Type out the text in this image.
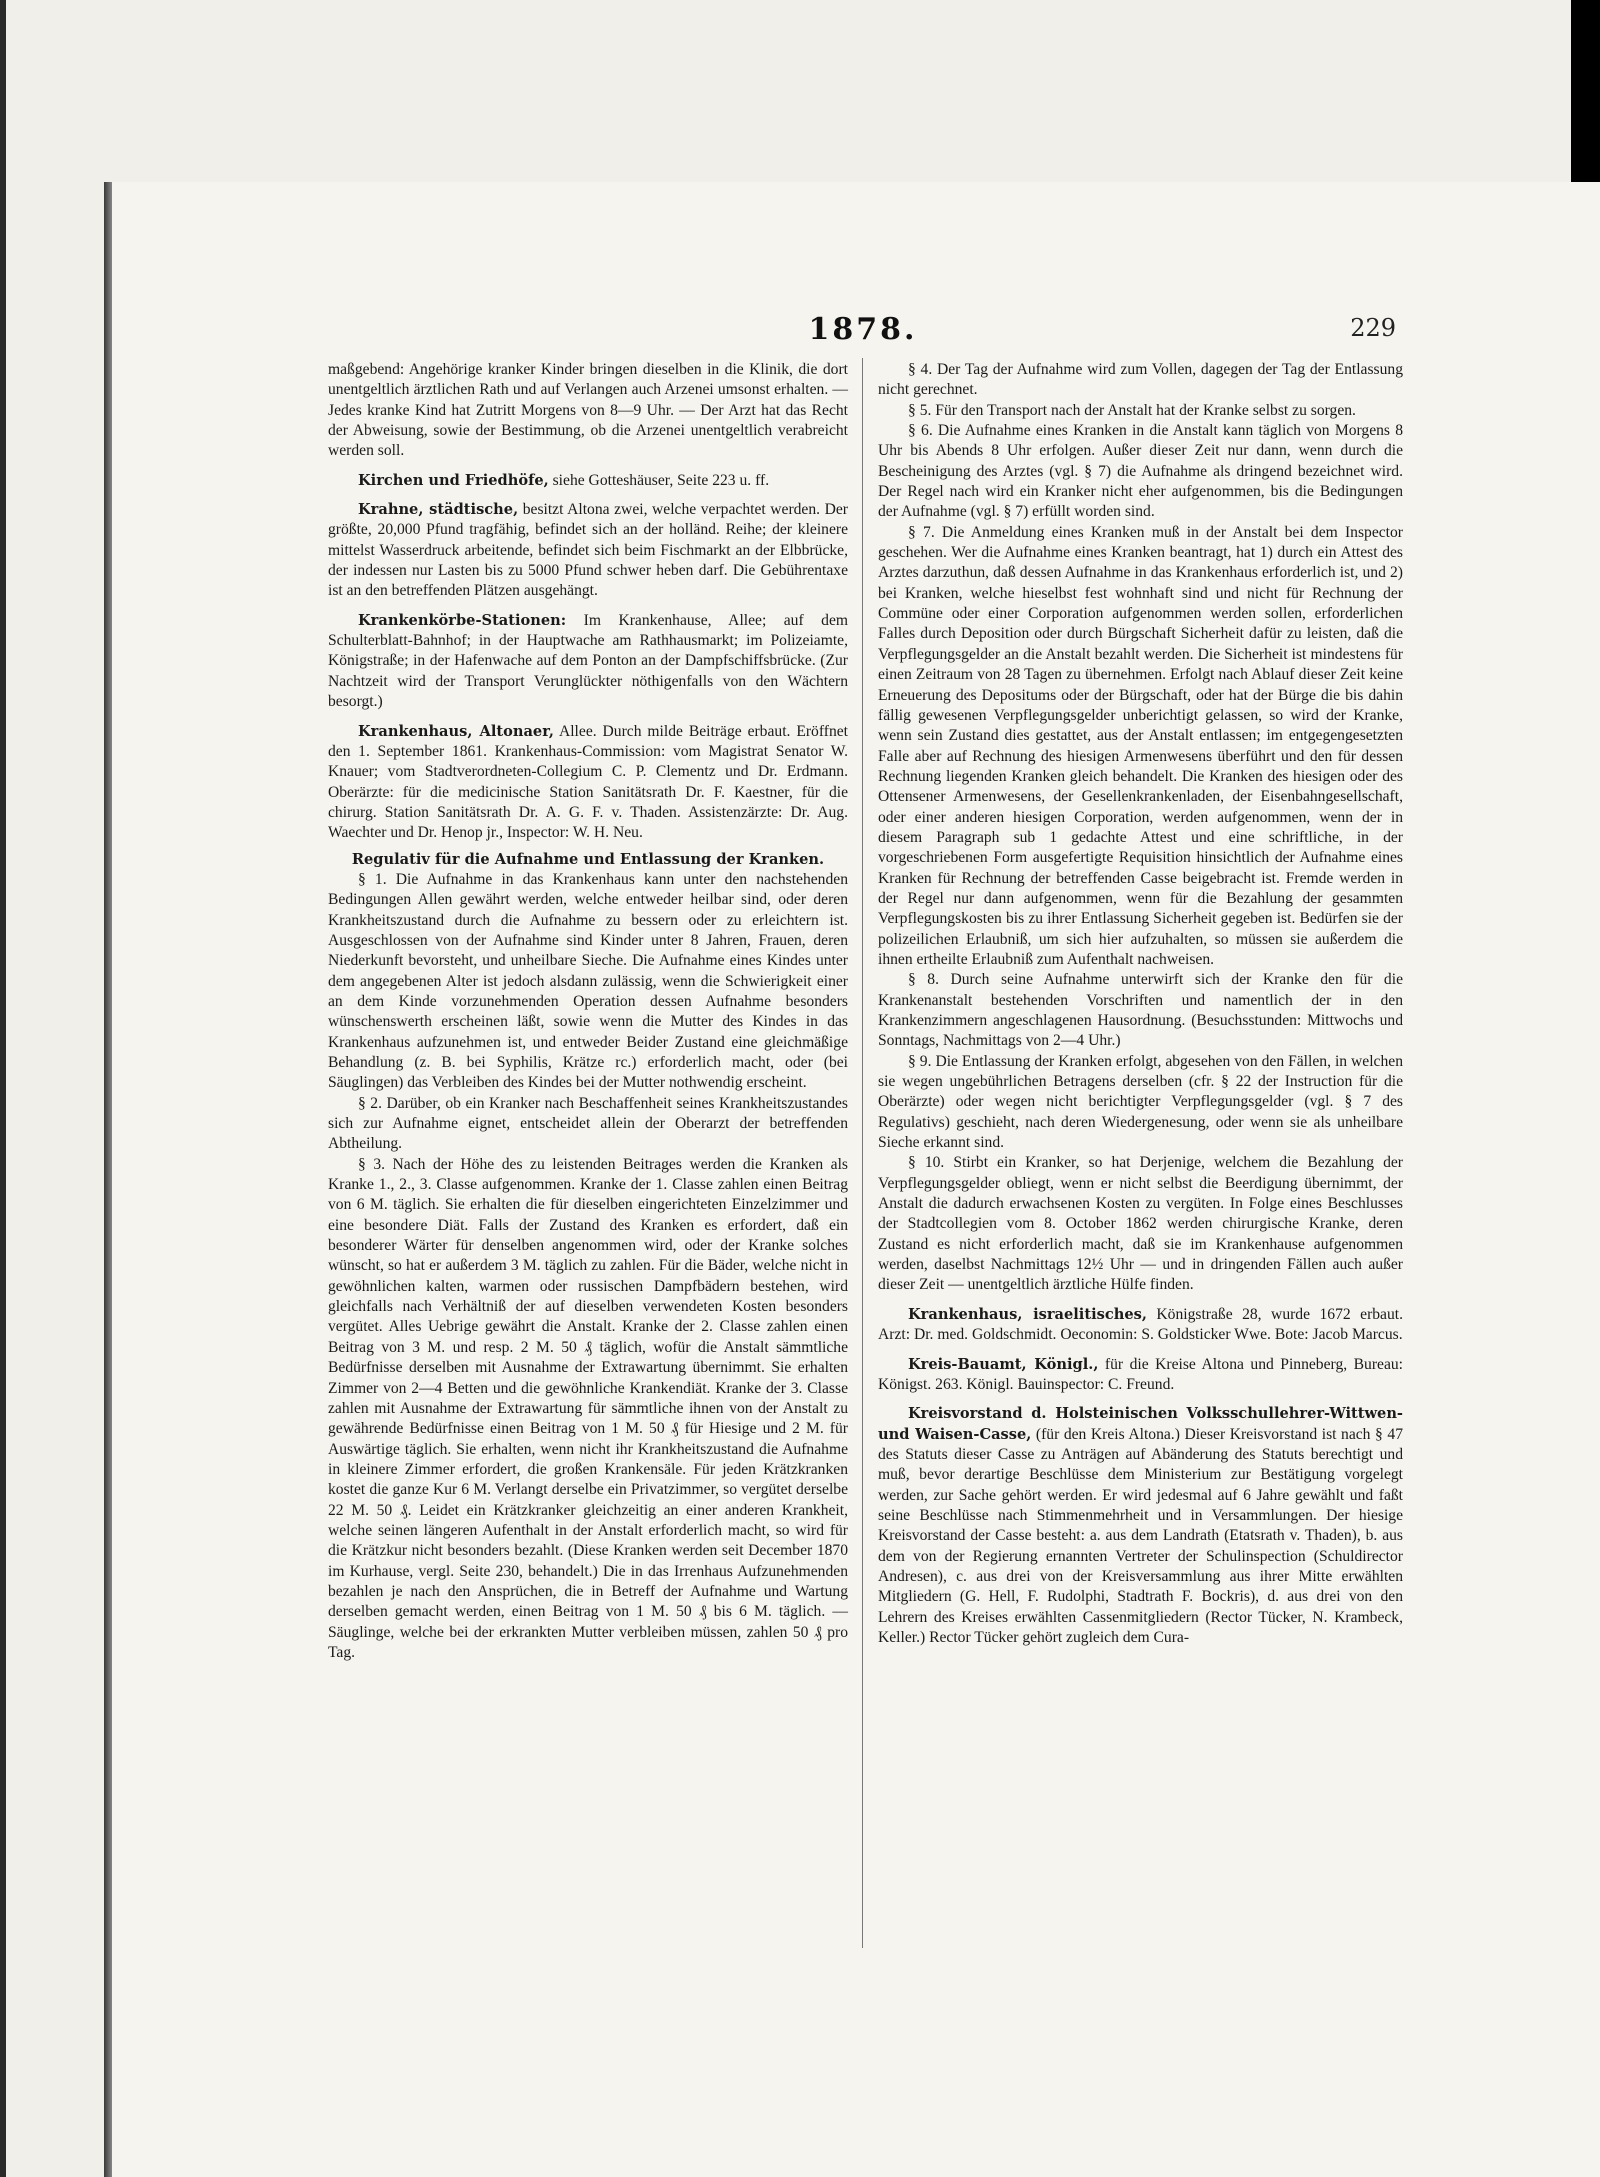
1878.	229

maßgebend: Angehörige kranker Kinder bringen dieselben in die Klinik, die dort unentgeltlich ärztlichen Rath und auf Verlangen auch Arzenei umsonst erhalten. — Jedes kranke Kind hat Zutritt Morgens von 8—9 Uhr. — Der Arzt hat das Recht der Abweisung, sowie der Bestimmung, ob die Arzenei unentgeltlich verabreicht werden soll.

Kirchen und Friedhöfe, siehe Gotteshäuser, Seite 223 u. ff.

Krahne, städtische, besitzt Altona zwei, welche verpachtet werden. Der größte, 20,000 Pfund tragfähig, befindet sich an der holländ. Reihe; der kleinere mittelst Wasserdruck arbeitende, befindet sich beim Fischmarkt an der Elbbrücke, der indessen nur Lasten bis zu 5000 Pfund schwer heben darf. Die Gebührentaxe ist an den betreffenden Plätzen ausgehängt.

Krankenkörbe-Stationen: Im Krankenhause, Allee; auf dem Schulterblatt-Bahnhof; in der Hauptwache am Rathhausmarkt; im Polizeiamte, Königstraße; in der Hafenwache auf dem Ponton an der Dampfschiffsbrücke. (Zur Nachtzeit wird der Transport Verunglückter nöthigenfalls von den Wächtern besorgt.)

Krankenhaus, Altonaer, Allee. Durch milde Beiträge erbaut. Eröffnet den 1. September 1861. Krankenhaus-Commission: vom Magistrat Senator W. Knauer; vom Stadtverordneten-Collegium C. P. Clementz und Dr. Erdmann. Oberärzte: für die medicinische Station Sanitätsrath Dr. F. Kaestner, für die chirurg. Station Sanitätsrath Dr. A. G. F. v. Thaden. Assistenzärzte: Dr. Aug. Waechter und Dr. Henop jr., Inspector: W. H. Neu.

Regulativ für die Aufnahme und Entlassung der Kranken.

§ 1. Die Aufnahme in das Krankenhaus kann unter den nachstehenden Bedingungen Allen gewährt werden, welche entweder heilbar sind, oder deren Krankheitszustand durch die Aufnahme zu bessern oder zu erleichtern ist. Ausgeschlossen von der Aufnahme sind Kinder unter 8 Jahren, Frauen, deren Niederkunft bevorsteht, und unheilbare Sieche. Die Aufnahme eines Kindes unter dem angegebenen Alter ist jedoch alsdann zulässig, wenn die Schwierigkeit einer an dem Kinde vorzunehmenden Operation dessen Aufnahme besonders wünschenswerth erscheinen läßt, sowie wenn die Mutter des Kindes in das Krankenhaus aufzunehmen ist, und entweder Beider Zustand eine gleichmäßige Behandlung (z. B. bei Syphilis, Krätze rc.) erforderlich macht, oder (bei Säuglingen) das Verbleiben des Kindes bei der Mutter nothwendig erscheint.

§ 2. Darüber, ob ein Kranker nach Beschaffenheit seines Krankheitszustandes sich zur Aufnahme eignet, entscheidet allein der Oberarzt der betreffenden Abtheilung.

§ 3. Nach der Höhe des zu leistenden Beitrages werden die Kranken als Kranke 1., 2., 3. Classe aufgenommen. Kranke der 1. Classe zahlen einen Beitrag von 6 M. täglich. Sie erhalten die für dieselben eingerichteten Einzelzimmer und eine besondere Diät. Falls der Zustand des Kranken es erfordert, daß ein besonderer Wärter für denselben angenommen wird, oder der Kranke solches wünscht, so hat er außerdem 3 M. täglich zu zahlen. Für die Bäder, welche nicht in gewöhnlichen kalten, warmen oder russischen Dampfbädern bestehen, wird gleichfalls nach Verhältniß der auf dieselben verwendeten Kosten besonders vergütet. Alles Uebrige gewährt die Anstalt. Kranke der 2. Classe zahlen einen Beitrag von 3 M. und resp. 2 M. 50 ₰ täglich, wofür die Anstalt sämmtliche Bedürfnisse derselben mit Ausnahme der Extrawartung übernimmt. Sie erhalten Zimmer von 2—4 Betten und die gewöhnliche Krankendiät. Kranke der 3. Classe zahlen mit Ausnahme der Extrawartung für sämmtliche ihnen von der Anstalt zu gewährende Bedürfnisse einen Beitrag von 1 M. 50 ₰ für Hiesige und 2 M. für Auswärtige täglich. Sie erhalten, wenn nicht ihr Krankheitszustand die Aufnahme in kleinere Zimmer erfordert, die großen Krankensäle. Für jeden Krätzkranken kostet die ganze Kur 6 M. Verlangt derselbe ein Privatzimmer, so vergütet derselbe 22 M. 50 ₰. Leidet ein Krätzkranker gleichzeitig an einer anderen Krankheit, welche seinen längeren Aufenthalt in der Anstalt erforderlich macht, so wird für die Krätzkur nicht besonders bezahlt. (Diese Kranken werden seit December 1870 im Kurhause, vergl. Seite 230, behandelt.) Die in das Irrenhaus Aufzunehmenden bezahlen je nach den Ansprüchen, die in Betreff der Aufnahme und Wartung derselben gemacht werden, einen Beitrag von 1 M. 50 ₰ bis 6 M. täglich. — Säuglinge, welche bei der erkrankten Mutter verbleiben müssen, zahlen 50 ₰ pro Tag.

§ 4. Der Tag der Aufnahme wird zum Vollen, dagegen der Tag der Entlassung nicht gerechnet.

§ 5. Für den Transport nach der Anstalt hat der Kranke selbst zu sorgen.

§ 6. Die Aufnahme eines Kranken in die Anstalt kann täglich von Morgens 8 Uhr bis Abends 8 Uhr erfolgen. Außer dieser Zeit nur dann, wenn durch die Bescheinigung des Arztes (vgl. § 7) die Aufnahme als dringend bezeichnet wird. Der Regel nach wird ein Kranker nicht eher aufgenommen, bis die Bedingungen der Aufnahme (vgl. § 7) erfüllt worden sind.

§ 7. Die Anmeldung eines Kranken muß in der Anstalt bei dem Inspector geschehen. Wer die Aufnahme eines Kranken beantragt, hat 1) durch ein Attest des Arztes darzuthun, daß dessen Aufnahme in das Krankenhaus erforderlich ist, und 2) bei Kranken, welche hieselbst fest wohnhaft sind und nicht für Rechnung der Commüne oder einer Corporation aufgenommen werden sollen, erforderlichen Falles durch Deposition oder durch Bürgschaft Sicherheit dafür zu leisten, daß die Verpflegungsgelder an die Anstalt bezahlt werden. Die Sicherheit ist mindestens für einen Zeitraum von 28 Tagen zu übernehmen. Erfolgt nach Ablauf dieser Zeit keine Erneuerung des Depositums oder der Bürgschaft, oder hat der Bürge die bis dahin fällig gewesenen Verpflegungsgelder unberichtigt gelassen, so wird der Kranke, wenn sein Zustand dies gestattet, aus der Anstalt entlassen; im entgegengesetzten Falle aber auf Rechnung des hiesigen Armenwesens überführt und den für dessen Rechnung liegenden Kranken gleich behandelt. Die Kranken des hiesigen oder des Ottensener Armenwesens, der Gesellenkrankenladen, der Eisenbahngesellschaft, oder einer anderen hiesigen Corporation, werden aufgenommen, wenn der in diesem Paragraph sub 1 gedachte Attest und eine schriftliche, in der vorgeschriebenen Form ausgefertigte Requisition hinsichtlich der Aufnahme eines Kranken für Rechnung der betreffenden Casse beigebracht ist. Fremde werden in der Regel nur dann aufgenommen, wenn für die Bezahlung der gesammten Verpflegungskosten bis zu ihrer Entlassung Sicherheit gegeben ist. Bedürfen sie der polizeilichen Erlaubniß, um sich hier aufzuhalten, so müssen sie außerdem die ihnen ertheilte Erlaubniß zum Aufenthalt nachweisen.

§ 8. Durch seine Aufnahme unterwirft sich der Kranke den für die Krankenanstalt bestehenden Vorschriften und namentlich der in den Krankenzimmern angeschlagenen Hausordnung. (Besuchsstunden: Mittwochs und Sonntags, Nachmittags von 2—4 Uhr.)

§ 9. Die Entlassung der Kranken erfolgt, abgesehen von den Fällen, in welchen sie wegen ungebührlichen Betragens derselben (cfr. § 22 der Instruction für die Oberärzte) oder wegen nicht berichtigter Verpflegungsgelder (vgl. § 7 des Regulativs) geschieht, nach deren Wiedergenesung, oder wenn sie als unheilbare Sieche erkannt sind.

§ 10. Stirbt ein Kranker, so hat Derjenige, welchem die Bezahlung der Verpflegungsgelder obliegt, wenn er nicht selbst die Beerdigung übernimmt, der Anstalt die dadurch erwachsenen Kosten zu vergüten. In Folge eines Beschlusses der Stadtcollegien vom 8. October 1862 werden chirurgische Kranke, deren Zustand es nicht erforderlich macht, daß sie im Krankenhause aufgenommen werden, daselbst Nachmittags 12½ Uhr — und in dringenden Fällen auch außer dieser Zeit — unentgeltlich ärztliche Hülfe finden.

Krankenhaus, israelitisches, Königstraße 28, wurde 1672 erbaut. Arzt: Dr. med. Goldschmidt. Oeconomin: S. Goldsticker Wwe. Bote: Jacob Marcus.

Kreis-Bauamt, Königl., für die Kreise Altona und Pinneberg, Bureau: Königst. 263. Königl. Bauinspector: C. Freund.

Kreisvorstand d. Holsteinischen Volksschullehrer-Wittwen- und Waisen-Casse, (für den Kreis Altona.) Dieser Kreisvorstand ist nach § 47 des Statuts dieser Casse zu Anträgen auf Abänderung des Statuts berechtigt und muß, bevor derartige Beschlüsse dem Ministerium zur Bestätigung vorgelegt werden, zur Sache gehört werden. Er wird jedesmal auf 6 Jahre gewählt und faßt seine Beschlüsse nach Stimmenmehrheit und in Versammlungen. Der hiesige Kreisvorstand der Casse besteht: a. aus dem Landrath (Etatsrath v. Thaden), b. aus dem von der Regierung ernannten Vertreter der Schulinspection (Schuldirector Andresen), c. aus drei von der Kreisversammlung aus ihrer Mitte erwählten Mitgliedern (G. Hell, F. Rudolphi, Stadtrath F. Bockris), d. aus drei von den Lehrern des Kreises erwählten Cassenmitgliedern (Rector Tücker, N. Krambeck, Keller.) Rector Tücker gehört zugleich dem Cura-
